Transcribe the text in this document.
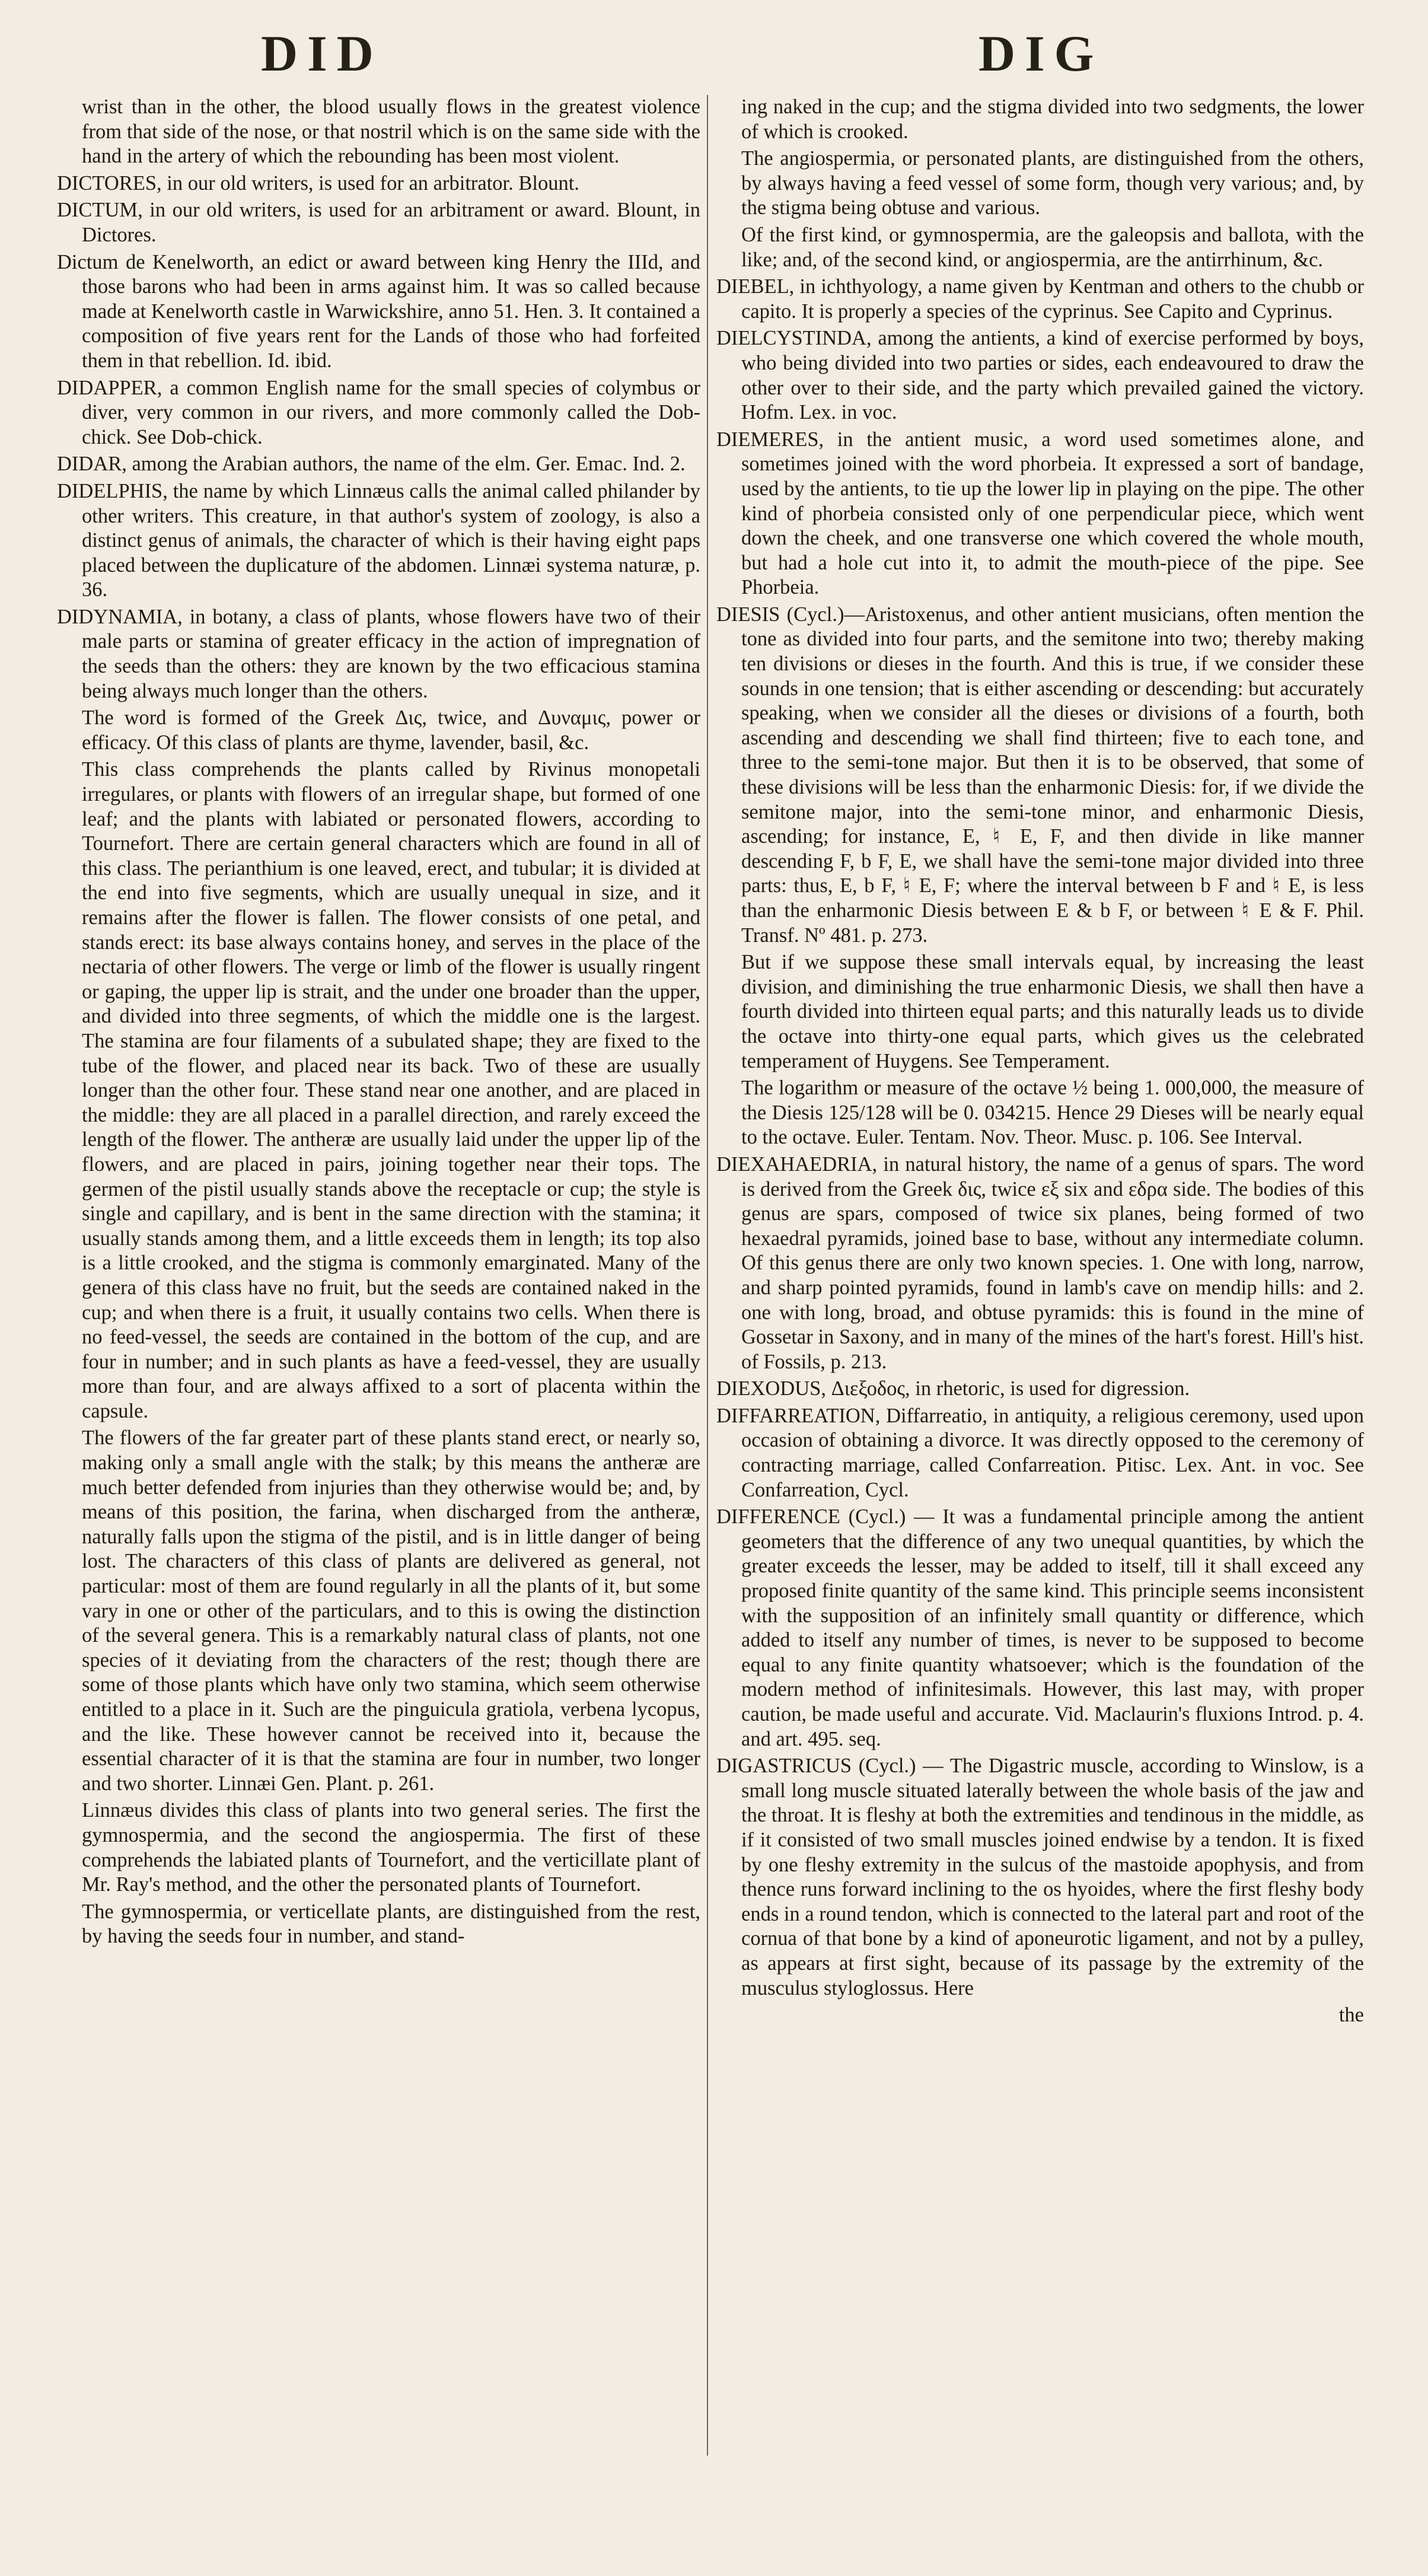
DID	DIG

wrist than in the other, the blood usually flows in the greatest violence from that side of the nose, or that nostril which is on the same side with the hand in the artery of which the rebounding has been most violent.

DICTORES, in our old writers, is used for an arbitrator. Blount.

DICTUM, in our old writers, is used for an arbitrament or award. Blount, in Dictores.

Dictum de Kenelworth, an edict or award between king Henry the IIId, and those barons who had been in arms against him. It was so called because made at Kenelworth castle in Warwickshire, anno 51. Hen. 3. It contained a composition of five years rent for the Lands of those who had forfeited them in that rebellion. Id. ibid.

DIDAPPER, a common English name for the small species of colymbus or diver, very common in our rivers, and more commonly called the Dob-chick. See Dob-chick.

DIDAR, among the Arabian authors, the name of the elm. Ger. Emac. Ind. 2.

DIDELPHIS, the name by which Linnæus calls the animal called philander by other writers. This creature, in that author's system of zoology, is also a distinct genus of animals, the character of which is their having eight paps placed between the duplicature of the abdomen. Linnæi systema naturæ, p. 36.

DIDYNAMIA, in botany, a class of plants, whose flowers have two of their male parts or stamina of greater efficacy in the action of impregnation of the seeds than the others: they are known by the two efficacious stamina being always much longer than the others.

The word is formed of the Greek Δις, twice, and Δυναμις, power or efficacy. Of this class of plants are thyme, lavender, basil, &c.

This class comprehends the plants called by Rivinus monopetali irregulares, or plants with flowers of an irregular shape, but formed of one leaf; and the plants with labiated or personated flowers, according to Tournefort. There are certain general characters which are found in all of this class. The perianthium is one leaved, erect, and tubular; it is divided at the end into five segments, which are usually unequal in size, and it remains after the flower is fallen. The flower consists of one petal, and stands erect: its base always contains honey, and serves in the place of the nectaria of other flowers. The verge or limb of the flower is usually ringent or gaping, the upper lip is strait, and the under one broader than the upper, and divided into three segments, of which the middle one is the largest. The stamina are four filaments of a subulated shape; they are fixed to the tube of the flower, and placed near its back. Two of these are usually longer than the other four. These stand near one another, and are placed in the middle: they are all placed in a parallel direction, and rarely exceed the length of the flower. The antheræ are usually laid under the upper lip of the flowers, and are placed in pairs, joining together near their tops. The germen of the pistil usually stands above the receptacle or cup; the style is single and capillary, and is bent in the same direction with the stamina; it usually stands among them, and a little exceeds them in length; its top also is a little crooked, and the stigma is commonly emarginated. Many of the genera of this class have no fruit, but the seeds are contained naked in the cup; and when there is a fruit, it usually contains two cells. When there is no feed-vessel, the seeds are contained in the bottom of the cup, and are four in number; and in such plants as have a feed-vessel, they are usually more than four, and are always affixed to a sort of placenta within the capsule.

The flowers of the far greater part of these plants stand erect, or nearly so, making only a small angle with the stalk; by this means the antheræ are much better defended from injuries than they otherwise would be; and, by means of this position, the farina, when discharged from the antheræ, naturally falls upon the stigma of the pistil, and is in little danger of being lost. The characters of this class of plants are delivered as general, not particular: most of them are found regularly in all the plants of it, but some vary in one or other of the particulars, and to this is owing the distinction of the several genera. This is a remarkably natural class of plants, not one species of it deviating from the characters of the rest; though there are some of those plants which have only two stamina, which seem otherwise entitled to a place in it. Such are the pinguicula gratiola, verbena lycopus, and the like. These however cannot be received into it, because the essential character of it is that the stamina are four in number, two longer and two shorter. Linnæi Gen. Plant. p. 261.

Linnæus divides this class of plants into two general series. The first the gymnospermia, and the second the angiospermia. The first of these comprehends the labiated plants of Tournefort, and the verticillate plant of Mr. Ray's method, and the other the personated plants of Tournefort.

The gymnospermia, or verticellate plants, are distinguished from the rest, by having the seeds four in number, and stand-

ing naked in the cup; and the stigma divided into two sedgments, the lower of which is crooked.

The angiospermia, or personated plants, are distinguished from the others, by always having a feed vessel of some form, though very various; and, by the stigma being obtuse and various.

Of the first kind, or gymnospermia, are the galeopsis and ballota, with the like; and, of the second kind, or angiospermia, are the antirrhinum, &c.

DIEBEL, in ichthyology, a name given by Kentman and others to the chubb or capito. It is properly a species of the cyprinus. See Capito and Cyprinus.

DIELCYSTINDA, among the antients, a kind of exercise performed by boys, who being divided into two parties or sides, each endeavoured to draw the other over to their side, and the party which prevailed gained the victory. Hofm. Lex. in voc.

DIEMERES, in the antient music, a word used sometimes alone, and sometimes joined with the word phorbeia. It expressed a sort of bandage, used by the antients, to tie up the lower lip in playing on the pipe. The other kind of phorbeia consisted only of one perpendicular piece, which went down the cheek, and one transverse one which covered the whole mouth, but had a hole cut into it, to admit the mouth-piece of the pipe. See Phorbeia.

DIESIS (Cycl.)—Aristoxenus, and other antient musicians, often mention the tone as divided into four parts, and the semitone into two; thereby making ten divisions or dieses in the fourth. And this is true, if we consider these sounds in one tension; that is either ascending or descending: but accurately speaking, when we consider all the dieses or divisions of a fourth, both ascending and descending we shall find thirteen; five to each tone, and three to the semi-tone major. But then it is to be observed, that some of these divisions will be less than the enharmonic Diesis: for, if we divide the semitone major, into the semi-tone minor, and enharmonic Diesis, ascending; for instance, E, ♮ E, F, and then divide in like manner descending F, b F, E, we shall have the semi-tone major divided into three parts: thus, E, b F, ♮ E, F; where the interval between b F and ♮ E, is less than the enharmonic Diesis between E & b F, or between ♮ E & F. Phil. Transf. Nº 481. p. 273.

But if we suppose these small intervals equal, by increasing the least division, and diminishing the true enharmonic Diesis, we shall then have a fourth divided into thirteen equal parts; and this naturally leads us to divide the octave into thirty-one equal parts, which gives us the celebrated temperament of Huygens. See Temperament.

The logarithm or measure of the octave ½ being 1. 000,000, the measure of the Diesis 125/128 will be 0. 034215. Hence 29 Dieses will be nearly equal to the octave. Euler. Tentam. Nov. Theor. Musc. p. 106. See Interval.

DIEXAHAEDRIA, in natural history, the name of a genus of spars. The word is derived from the Greek δις, twice εξ six and εδρα side. The bodies of this genus are spars, composed of twice six planes, being formed of two hexaedral pyramids, joined base to base, without any intermediate column. Of this genus there are only two known species. 1. One with long, narrow, and sharp pointed pyramids, found in lamb's cave on mendip hills: and 2. one with long, broad, and obtuse pyramids: this is found in the mine of Gossetar in Saxony, and in many of the mines of the hart's forest. Hill's hist. of Fossils, p. 213.

DIEXODUS, Διεξοδος, in rhetoric, is used for digression.

DIFFARREATION, Diffarreatio, in antiquity, a religious ceremony, used upon occasion of obtaining a divorce. It was directly opposed to the ceremony of contracting marriage, called Confarreation. Pitisc. Lex. Ant. in voc. See Confarreation, Cycl.

DIFFERENCE (Cycl.) — It was a fundamental principle among the antient geometers that the difference of any two unequal quantities, by which the greater exceeds the lesser, may be added to itself, till it shall exceed any proposed finite quantity of the same kind. This principle seems inconsistent with the supposition of an infinitely small quantity or difference, which added to itself any number of times, is never to be supposed to become equal to any finite quantity whatsoever; which is the foundation of the modern method of infinitesimals. However, this last may, with proper caution, be made useful and accurate. Vid. Maclaurin's fluxions Introd. p. 4. and art. 495. seq.

DIGASTRICUS (Cycl.) — The Digastric muscle, according to Winslow, is a small long muscle situated laterally between the whole basis of the jaw and the throat. It is fleshy at both the extremities and tendinous in the middle, as if it consisted of two small muscles joined endwise by a tendon. It is fixed by one fleshy extremity in the sulcus of the mastoide apophysis, and from thence runs forward inclining to the os hyoides, where the first fleshy body ends in a round tendon, which is connected to the lateral part and root of the cornua of that bone by a kind of aponeurotic ligament, and not by a pulley, as appears at first sight, because of its passage by the extremity of the musculus styloglossus. Here

the
